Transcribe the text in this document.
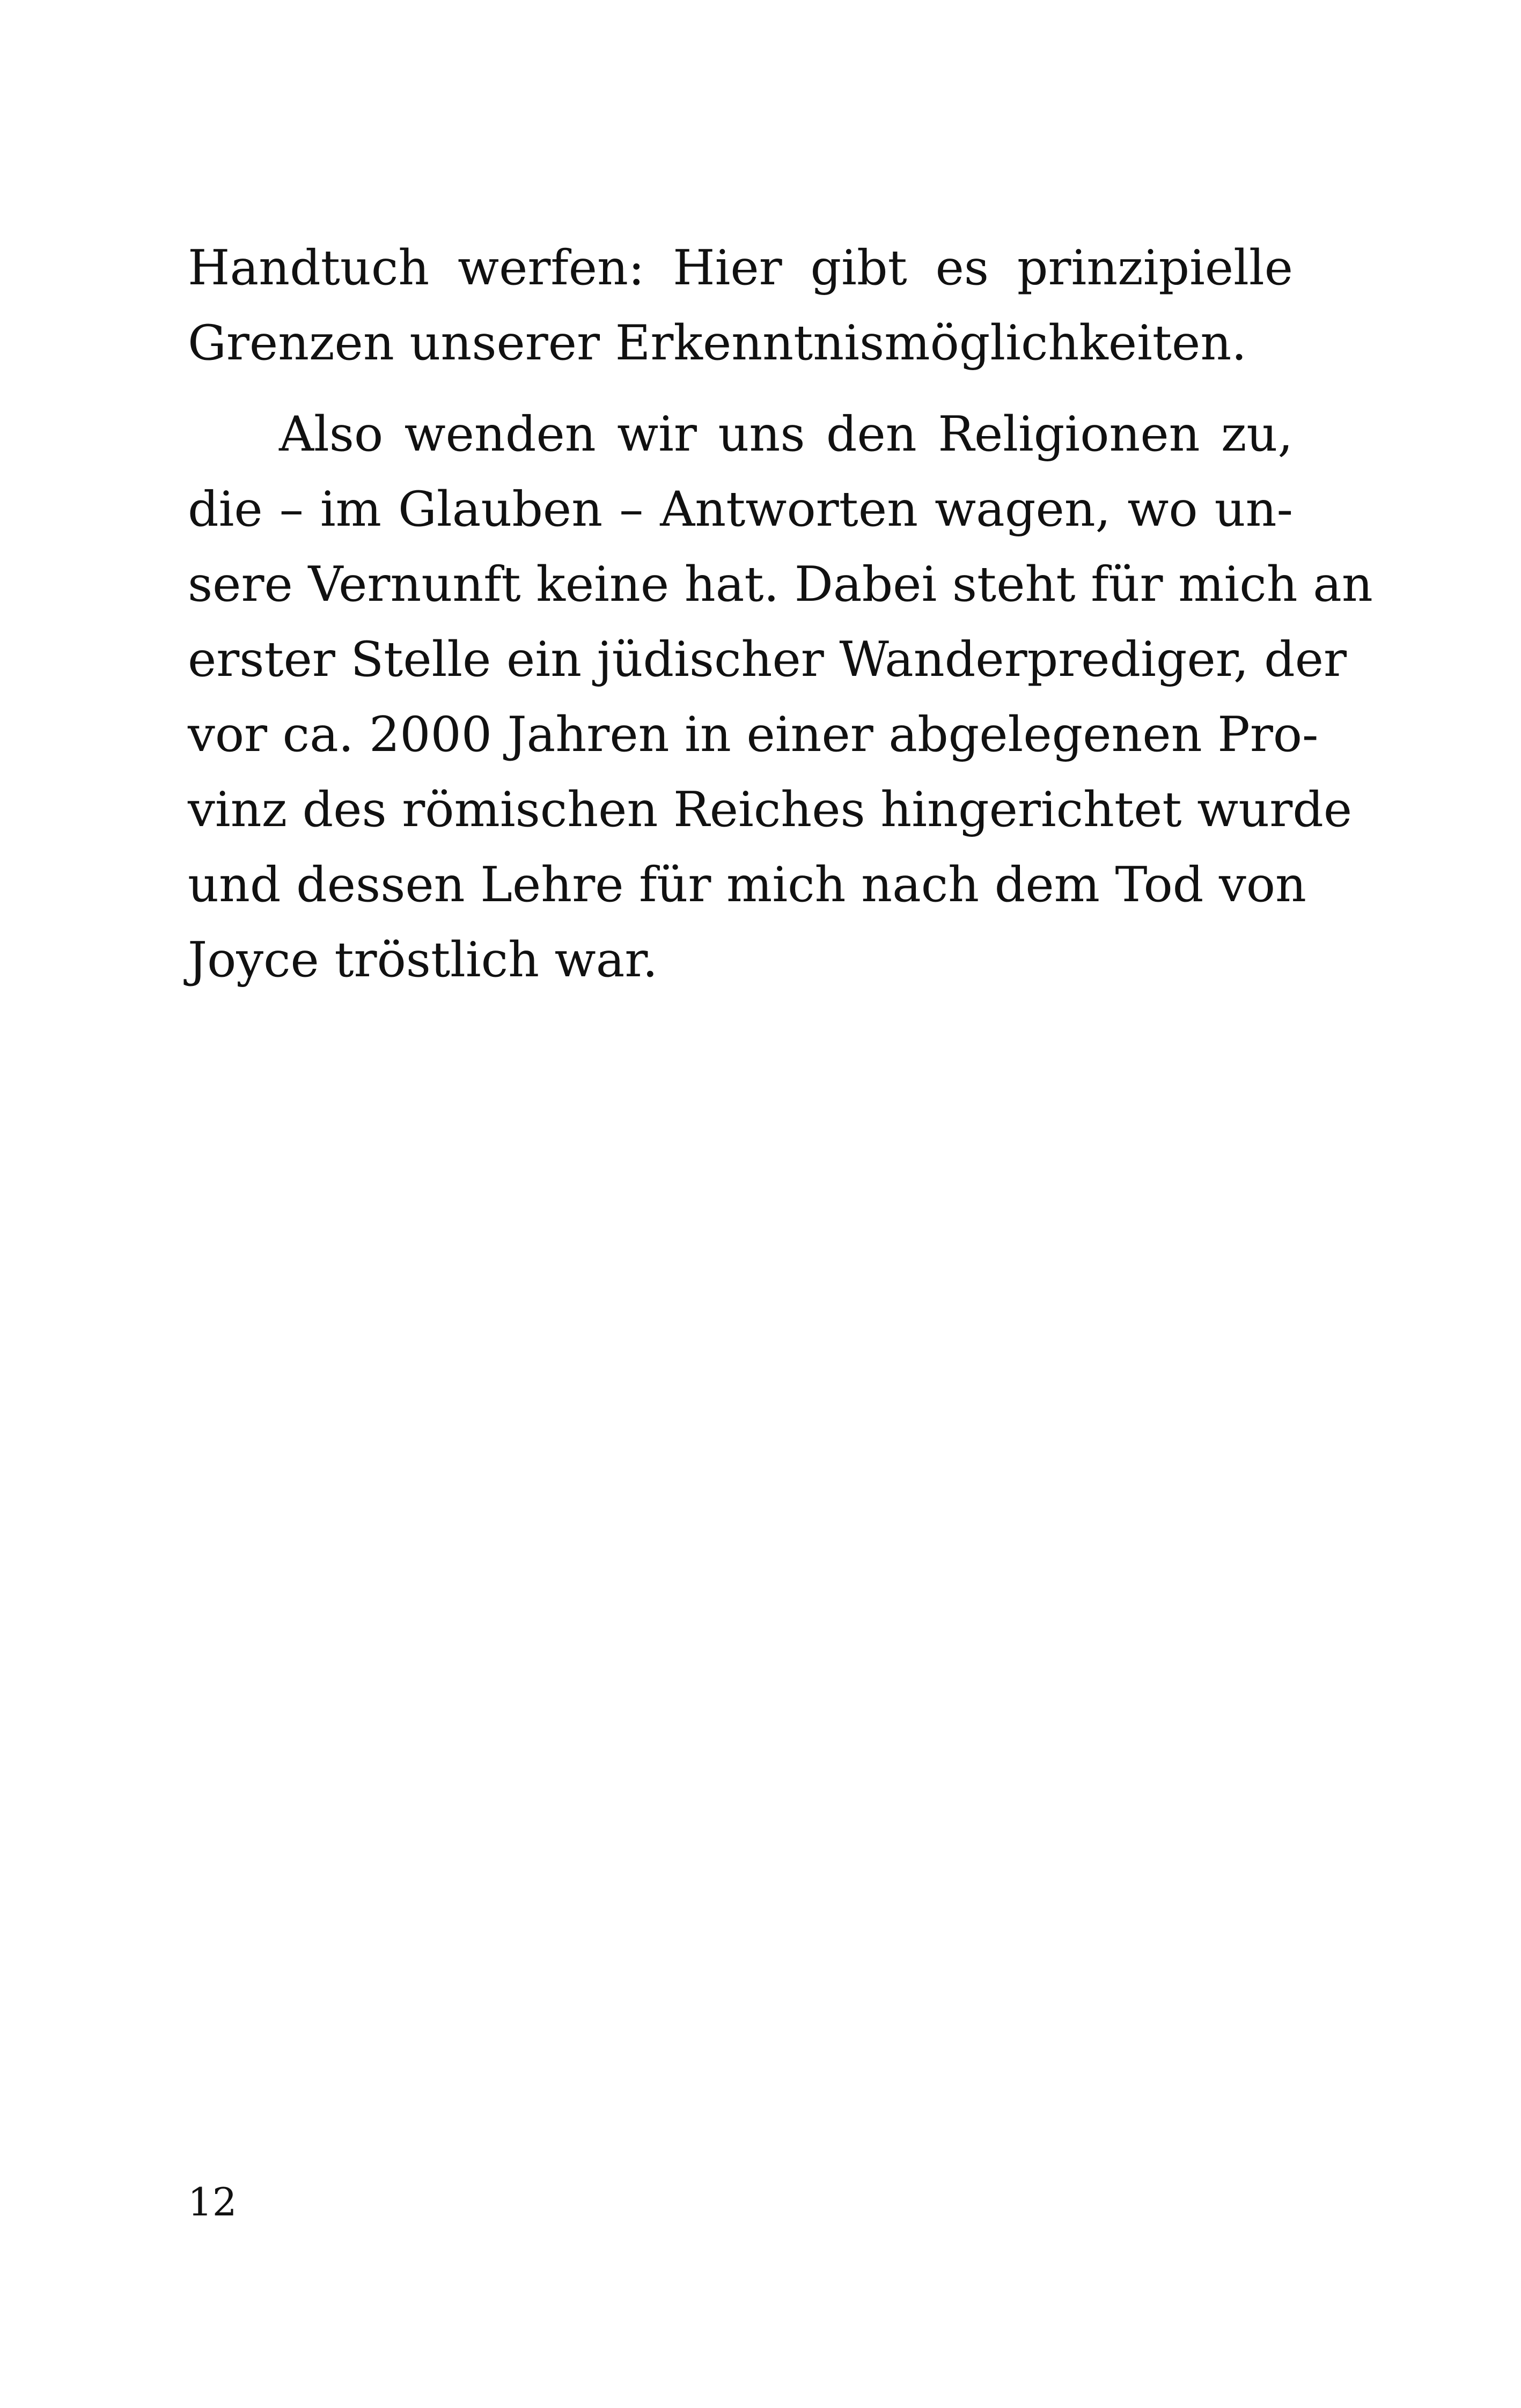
Handtuch werfen: Hier gibt es prinzipielle
Grenzen unserer Erkenntnismöglichkeiten.
Also wenden wir uns den Religionen zu,
die – im Glauben – Antworten wagen, wo un-
sere Vernunft keine hat. Dabei steht für mich an
erster Stelle ein jüdischer Wanderprediger, der
vor ca. 2000 Jahren in einer abgelegenen Pro-
vinz des römischen Reiches hingerichtet wurde
und dessen Lehre für mich nach dem Tod von
Joyce tröstlich war.
12
